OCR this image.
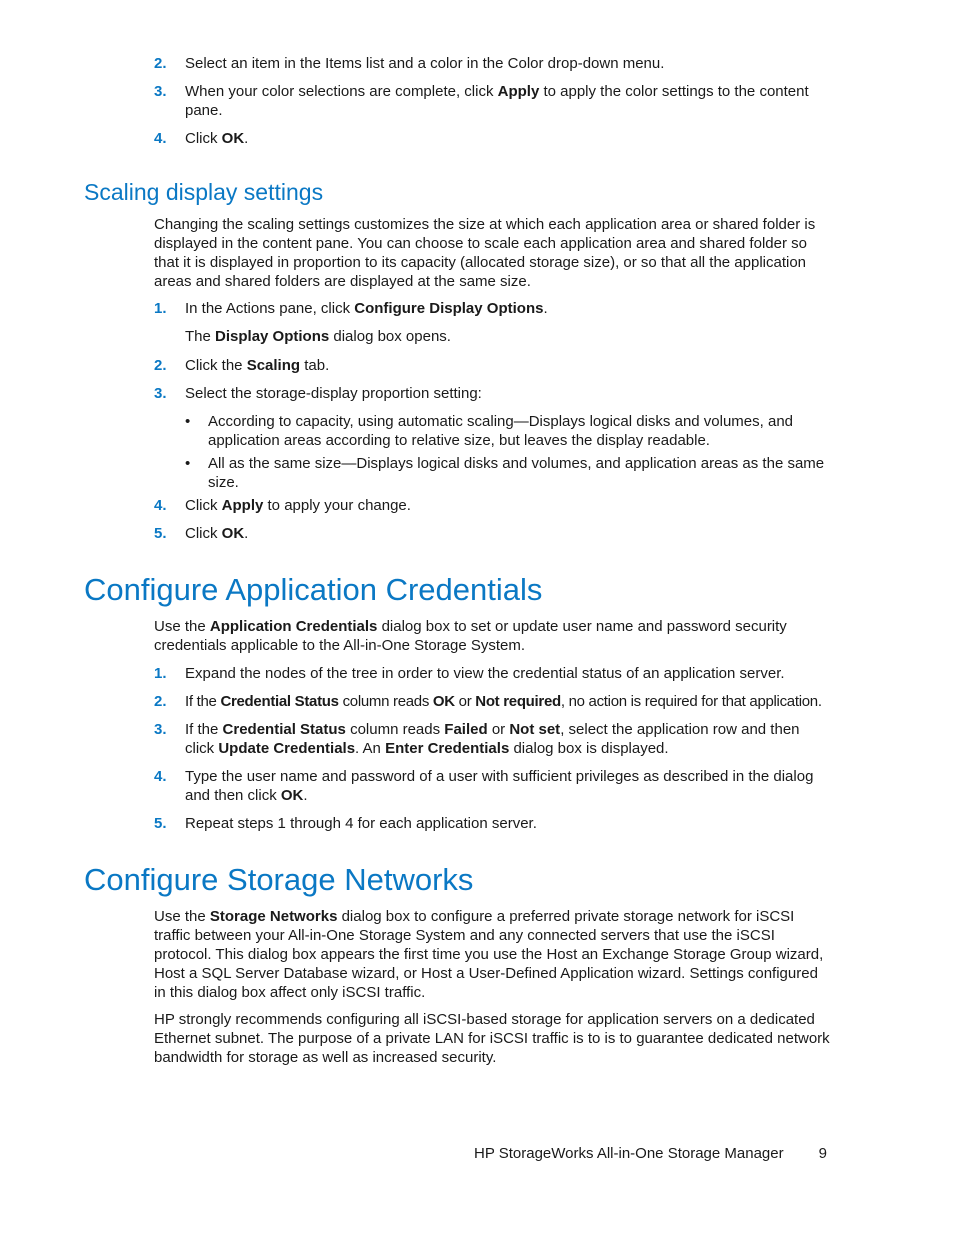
2. Select an item in the Items list and a color in the Color drop-down menu.
3. When your color selections are complete, click Apply to apply the color settings to the content pane.
4. Click OK.
Scaling display settings

Changing the scaling settings customizes the size at which each application area or shared folder is displayed in the content pane. You can choose to scale each application area and shared folder so that it is displayed in proportion to its capacity (allocated storage size), or so that all the application areas and shared folders are displayed at the same size.

1. In the Actions pane, click Configure Display Options.

The Display Options dialog box opens.

2. Click the Scaling tab.
3. Select the storage-display proportion setting:
• According to capacity, using automatic scaling—Displays logical disks and volumes, and application areas according to relative size, but leaves the display readable.
• All as the same size—Displays logical disks and volumes, and application areas as the same size.
4. Click Apply to apply your change.
5. Click OK.
Configure Application Credentials

Use the Application Credentials dialog box to set or update user name and password security credentials applicable to the All-in-One Storage System.

1. Expand the nodes of the tree in order to view the credential status of an application server.
2. If the Credential Status column reads OK or Not required, no action is required for that application.
3. If the Credential Status column reads Failed or Not set, select the application row and then click Update Credentials. An Enter Credentials dialog box is displayed.
4. Type the user name and password of a user with sufficient privileges as described in the dialog and then click OK.
5. Repeat steps 1 through 4 for each application server.
Configure Storage Networks

Use the Storage Networks dialog box to configure a preferred private storage network for iSCSI traffic between your All-in-One Storage System and any connected servers that use the iSCSI protocol. This dialog box appears the first time you use the Host an Exchange Storage Group wizard, Host a SQL Server Database wizard, or Host a User-Defined Application wizard. Settings configured in this dialog box affect only iSCSI traffic.

HP strongly recommends configuring all iSCSI-based storage for application servers on a dedicated Ethernet subnet. The purpose of a private LAN for iSCSI traffic is to is to guarantee dedicated network bandwidth for storage as well as increased security.

HP StorageWorks All-in-One Storage Manager 9
